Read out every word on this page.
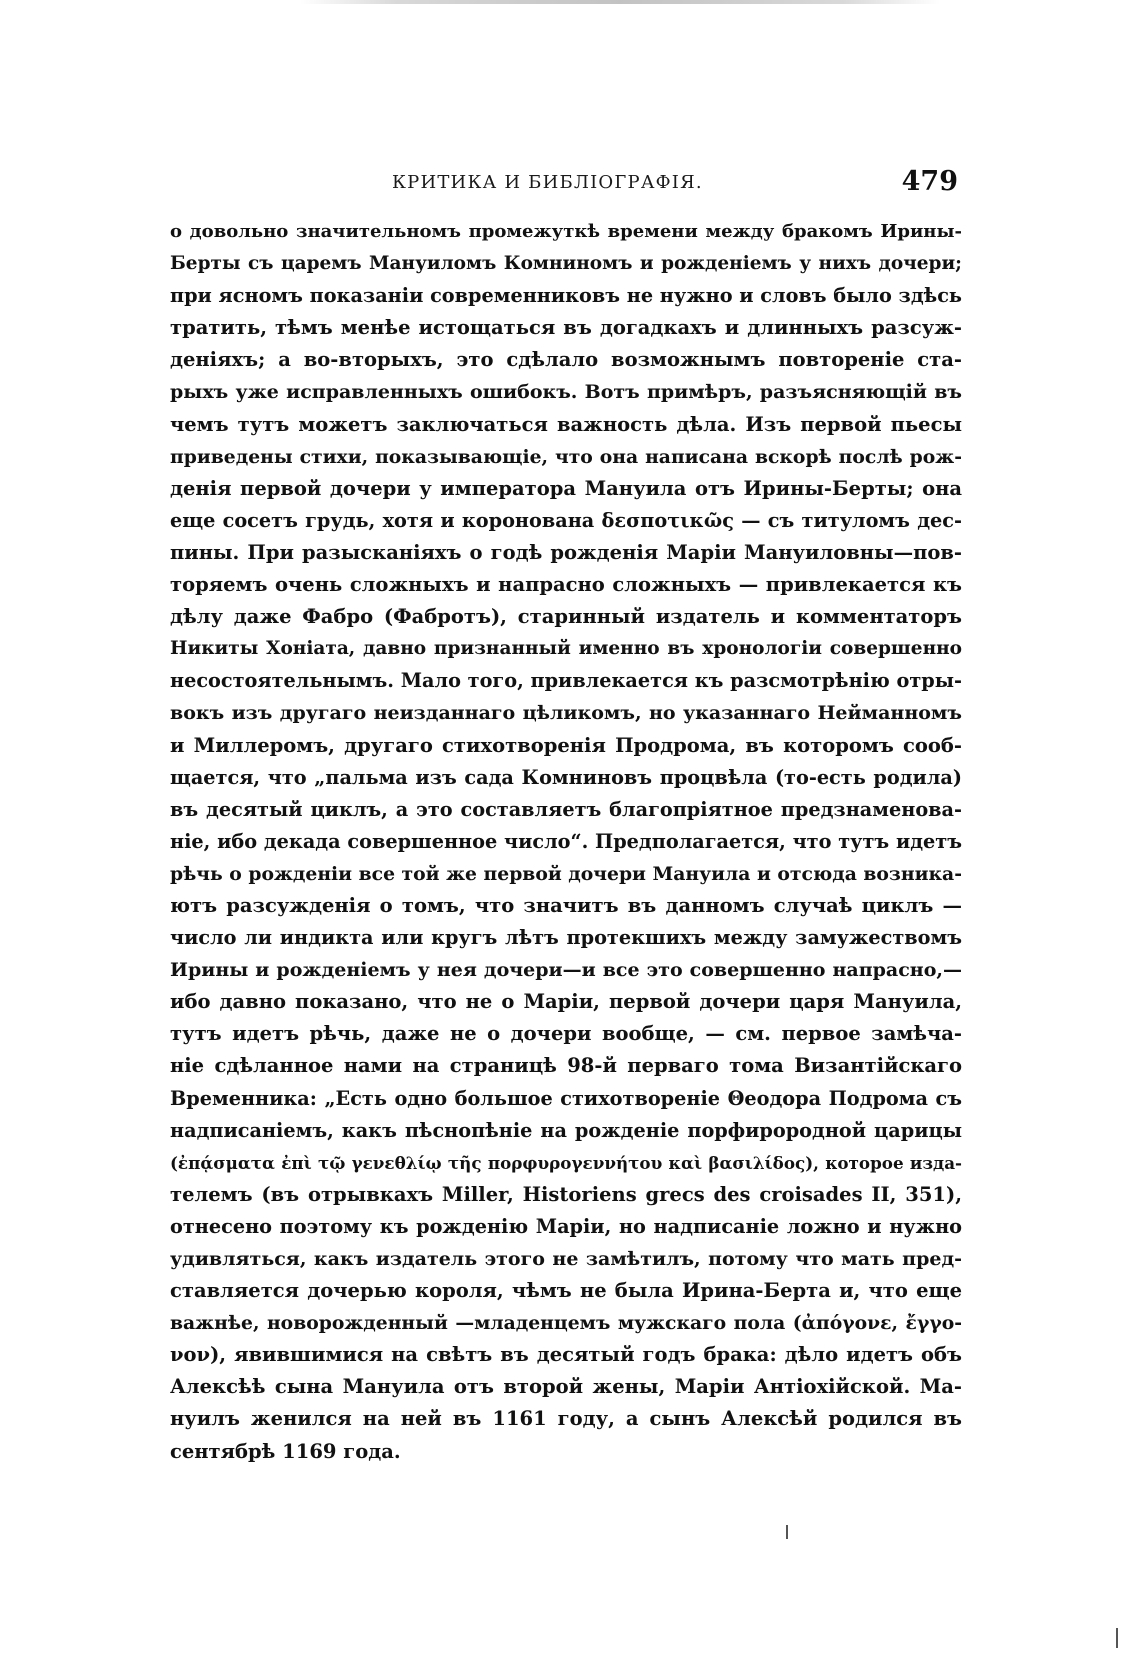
КРИТИКА И БИБЛІОГРАФІЯ.	479
о довольно значительномъ промежуткѣ времени между бракомъ Ирины-
Берты съ царемъ Мануиломъ Комниномъ и рожденіемъ у нихъ дочери;
при ясномъ показаніи современниковъ не нужно и словъ было здѣсь
тратить, тѣмъ менѣе истощаться въ догадкахъ и длинныхъ разсуж-
деніяхъ; а во-вторыхъ, это сдѣлало возможнымъ повтореніе ста-
рыхъ уже исправленныхъ ошибокъ. Вотъ примѣръ, разъясняющій въ
чемъ тутъ можетъ заключаться важность дѣла. Изъ первой пьесы
приведены стихи, показывающіе, что она написана вскорѣ послѣ рож-
денія первой дочери у императора Мануила отъ Ирины-Берты; она
еще сосетъ грудь, хотя и коронована δεσποτικῶς — съ титуломъ дес-
пины. При разысканіяхъ о годѣ рожденія Маріи Мануиловны—пов-
торяемъ очень сложныхъ и напрасно сложныхъ — привлекается къ
дѣлу даже Фабро (Фабротъ), старинный издатель и комментаторъ
Никиты Хоніата, давно признанный именно въ хронологіи совершенно
несостоятельнымъ. Мало того, привлекается къ разсмотрѣнію отры-
вокъ изъ другаго неизданнаго цѣликомъ, но указаннаго Нейманномъ
и Миллеромъ, другаго стихотворенія Продрома, въ которомъ сооб-
щается, что „пальма изъ сада Комниновъ процвѣла (то-есть родила)
въ десятый циклъ, а это составляетъ благопріятное предзнаменова-
ніе, ибо декада совершенное число“. Предполагается, что тутъ идетъ
рѣчь о рожденіи все той же первой дочери Мануила и отсюда возника-
ютъ разсужденія о томъ, что значитъ въ данномъ случаѣ циклъ —
число ли индикта или кругъ лѣтъ протекшихъ между замужествомъ
Ирины и рожденіемъ у нея дочери—и все это совершенно напрасно,—
ибо давно показано, что не о Маріи, первой дочери царя Мануила,
тутъ идетъ рѣчь, даже не о дочери вообще, — см. первое замѣча-
ніе сдѣланное нами на страницѣ 98-й перваго тома Византійскаго
Временника: „Есть одно большое стихотвореніе Θеодора Подрома съ
надписаніемъ, какъ пѣснопѣніе на рожденіе порфирородной царицы
(ἐπᾴσματα ἐπὶ τῷ γενεθλίῳ τῆς πορφυρογεννήτου καὶ βασιλίδος), которое изда-
телемъ (въ отрывкахъ Miller, Historiens grecs des croisades II, 351),
отнесено поэтому къ рожденію Маріи, но надписаніе ложно и нужно
удивляться, какъ издатель этого не замѣтилъ, потому что мать пред-
ставляется дочерью короля, чѣмъ не была Ирина-Берта и, что еще
важнѣе, новорожденный —младенцемъ мужскаго пола (ἀπόγονε, ἔγγο-
νον), явившимися на свѣтъ въ десятый годъ брака: дѣло идетъ объ
Алексѣѣ сына Мануила отъ второй жены, Маріи Антіохійской. Ма-
нуилъ женился на ней въ 1161 году, а сынъ Алексѣй родился въ
сентябрѣ 1169 года.
